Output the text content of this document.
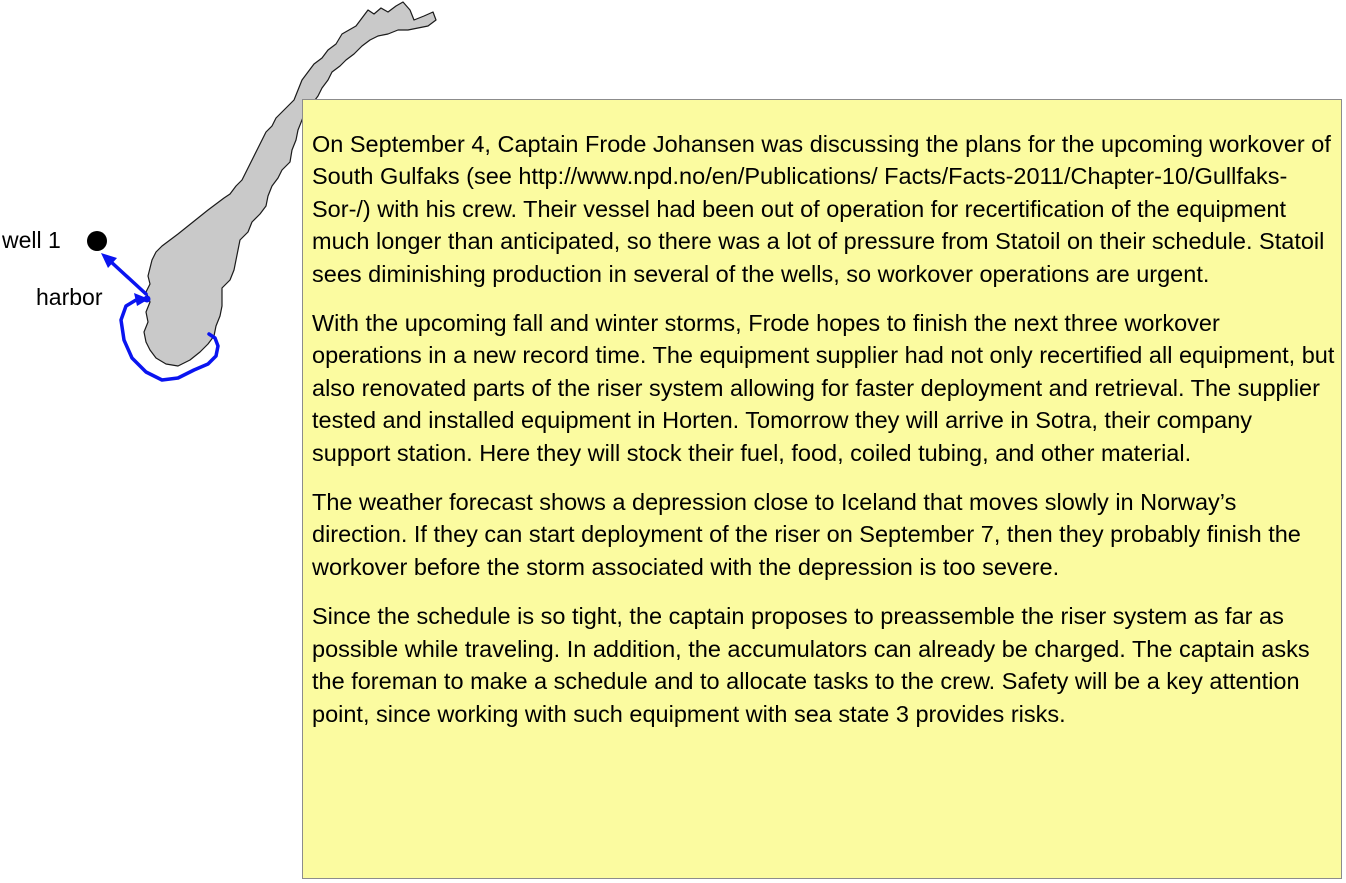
well 1
harbor

On September 4, Captain Frode Johansen was discussing the plans for the upcoming workover of South Gulfaks (see http://www.npd.no/en/Publications/ Facts/Facts-2011/Chapter-10/Gullfaks-Sor-/) with his crew. Their vessel had been out of operation for recertification of the equipment much longer than anticipated, so there was a lot of pressure from Statoil on their schedule. Statoil sees diminishing production in several of the wells, so workover operations are urgent.

With the upcoming fall and winter storms, Frode hopes to finish the next three workover operations in a new record time. The equipment supplier had not only recertified all equipment, but also renovated parts of the riser system allowing for faster deployment and retrieval. The supplier tested and installed equipment in Horten. Tomorrow they will arrive in Sotra, their company support station. Here they will stock their fuel, food, coiled tubing, and other material.

The weather forecast shows a depression close to Iceland that moves slowly in Norway’s direction. If they can start deployment of the riser on September 7, then they probably finish the workover before the storm associated with the depression is too severe.

Since the schedule is so tight, the captain proposes to preassemble the riser system as far as possible while traveling. In addition, the accumulators can already be charged. The captain asks the foreman to make a schedule and to allocate tasks to the crew. Safety will be a key attention point, since working with such equipment with sea state 3 provides risks.
